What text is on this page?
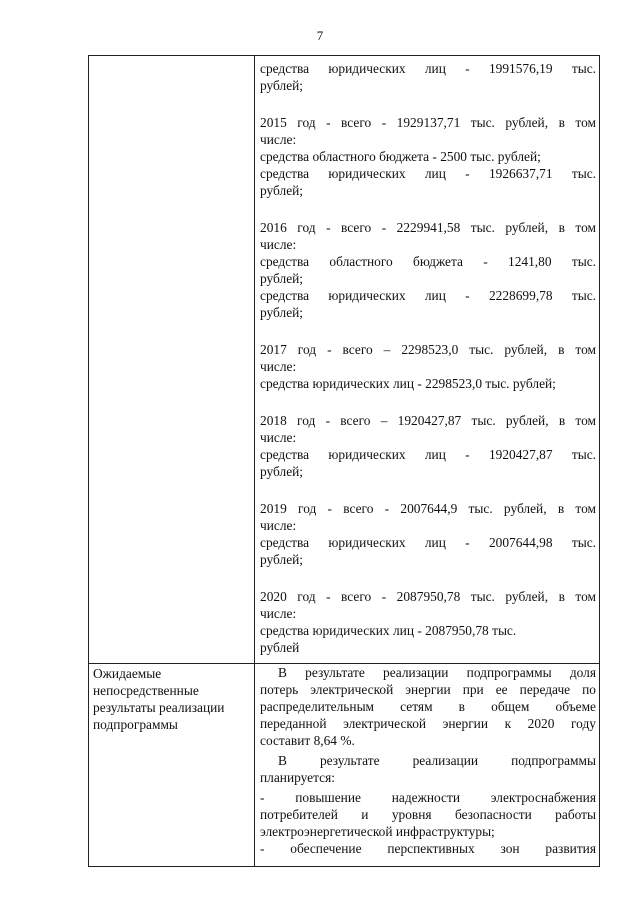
7
средства юридических лиц - 1991576,19 тыс.
рублей;
2015 год - всего - 1929137,71 тыс. рублей, в том
числе:
средства областного бюджета - 2500 тыс. рублей;
средства юридических лиц - 1926637,71 тыс.
рублей;
2016 год - всего - 2229941,58 тыс. рублей, в том
числе:
средства областного бюджета - 1241,80 тыс.
рублей;
средства юридических лиц - 2228699,78 тыс.
рублей;
2017 год - всего – 2298523,0 тыс. рублей, в том
числе:
средства юридических лиц - 2298523,0 тыс. рублей;
2018 год - всего – 1920427,87 тыс. рублей, в том
числе:
средства юридических лиц - 1920427,87 тыс.
рублей;
2019 год - всего - 2007644,9 тыс. рублей, в том
числе:
средства юридических лиц - 2007644,98 тыс.
рублей;
2020 год - всего - 2087950,78 тыс. рублей, в том
числе:
средства юридических лиц - 2087950,78 тыс.
рублей
Ожидаемые
непосредственные
результаты реализации
подпрограммы
В результате реализации подпрограммы доля
потерь электрической энергии при ее передаче по
распределительным сетям в общем объеме
переданной электрической энергии к 2020 году
составит 8,64 %.
В результате реализации подпрограммы
планируется:
- повышение надежности электроснабжения
потребителей и уровня безопасности работы
электроэнергетической инфраструктуры;
- обеспечение перспективных зон развития
